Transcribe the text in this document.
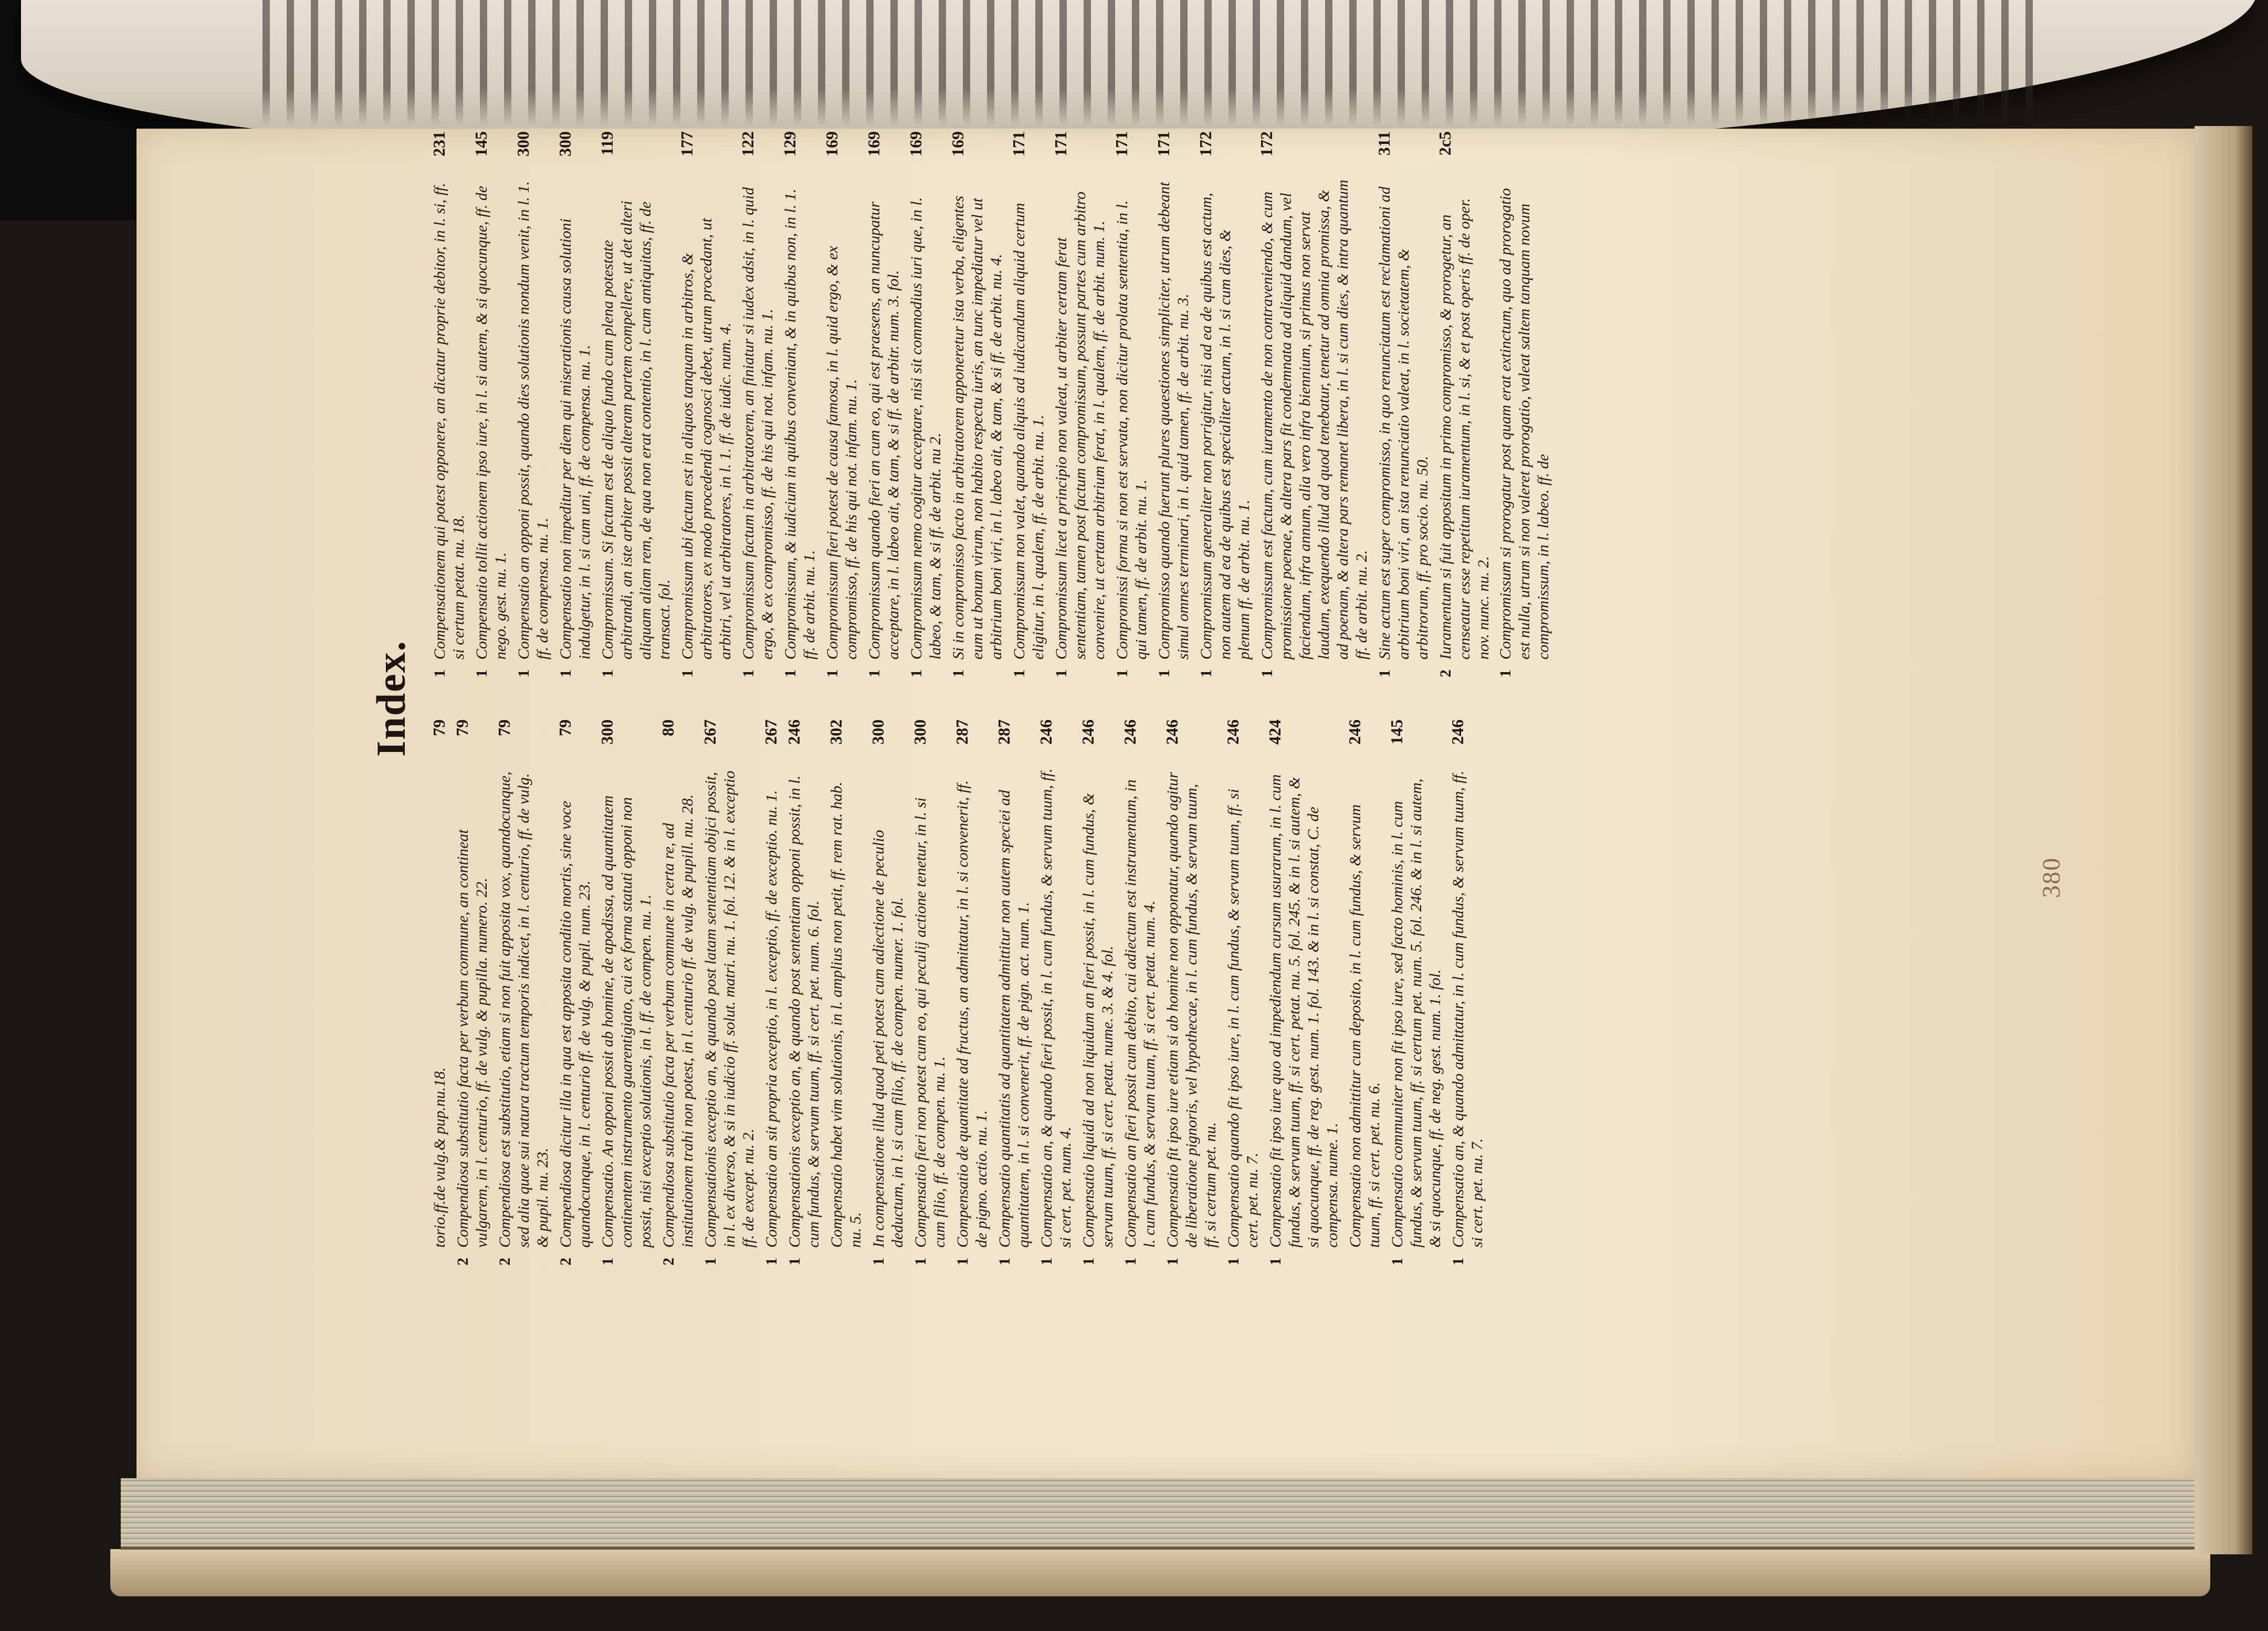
380
Index.
torio.ff.de vulg.& pup.nu.18.
79
2
Compendiosa substitutio facta per verbum commune, an contineat vulgarem, in l. centurio, ff. de vulg. & pupilla. numero. 22.
79
2
Compendiosa est substitutio, etiam si non fuit apposita vox, quandocunque, sed alia quae sui natura tractum temporis indicet, in l. centurio, ff. de vulg. & pupil. nu. 23.
79
2
Compendiosa dicitur illa in qua est apposita conditio mortis, sine voce quandocunque, in l. centurio ff. de vulg. & pupil. num. 23.
79
1
Compensatio. An opponi possit ab homine, de apodissa, ad quantitatem continentem instrumento guarentigiato, cui ex forma statuti opponi non possit, nisi exceptio solutionis, in l. ff. de compen. nu. 1.
300
2
Compendiosa substitutio facta per verbum commune in certa re, ad institutionem trahi non potest, in l. centurio ff. de vulg. & pupill. nu. 28.
80
1
Compensationis exceptio an, & quando post latam sententiam obijci possit, in l. ex diverso, & si in iudicio ff. solut. matri. nu. 1. fol. 12. & in l. exceptio ff. de except. nu. 2.
267
1
Compensatio an sit propria exceptio, in l. exceptio, ff. de exceptio. nu. 1.
267
1
Compensationis exceptio an, & quando post sententiam opponi possit, in l. cum fundus, & servum tuum, ff. si cert. pet. num. 6. fol.
246
Compensatio habet vim solutionis, in l. amplius non petit, ff. rem rat. hab. nu. 5.
302
1
In compensatione illud quod peti potest cum adiectione de peculio deductum, in l. si cum filio, ff. de compen. numer. 1. fol.
300
1
Compensatio fieri non potest cum eo, qui peculij actione tenetur, in l. si cum filio, ff. de compen. nu. 1.
300
1
Compensatio de quantitate ad fructus, an admittatur, in l. si convenerit, ff. de pigno. actio. nu. 1.
287
1
Compensatio quantitatis ad quantitatem admittitur non autem speciei ad quantitatem, in l. si convenerit, ff. de pign. act. num. 1.
287
1
Compensatio an, & quando fieri possit, in l. cum fundus, & servum tuum, ff. si cert. pet. num. 4.
246
1
Compensatio liquidi ad non liquidum an fieri possit, in l. cum fundus, & servum tuum, ff. si cert. petat. nume. 3. & 4. fol.
246
1
Compensatio an fieri possit cum debito, cui adiectum est instrumentum, in l. cum fundus, & servum tuum, ff. si cert. petat. num. 4.
246
1
Compensatio fit ipso iure etiam si ab homine non opponatur, quando agitur de liberatione pignoris, vel hypothecae, in l. cum fundus, & servum tuum, ff. si certum pet. nu.
246
1
Compensatio quando fit ipso iure, in l. cum fundus, & servum tuum, ff. si cert. pet. nu. 7.
246
1
Compensatio fit ipso iure quo ad impediendum cursum usurarum, in l. cum fundus, & servum tuum, ff. si cert. petat. nu. 5. fol. 245. & in l. si autem, & si quocunque, ff. de reg. gest. num. 1. fol. 143. & in l. si constat, C. de compensa. nume. 1.
424
Compensatio non admittitur cum deposito, in l. cum fundus, & servum tuum, ff. si cert. pet. nu. 6.
246
1
Compensatio communiter non fit ipso iure, sed facto hominis, in l. cum fundus, & servum tuum, ff. si certum pet. num. 5. fol. 246. & in l. si autem, & si quocunque, ff. de neg. gest. num. 1. fol.
145
1
Compensatio an, & quando admittatur, in l. cum fundus, & servum tuum, ff. si cert. pet. nu. 7.
246
1
Compensationem qui potest opponere, an dicatur proprie debitor, in l. si, ff. si certum petat. nu. 18.
231
1
Compensatio tollit actionem ipso iure, in l. si autem, & si quocunque, ff. de nego. gest. nu. 1.
145
1
Compensatio an opponi possit, quando dies solutionis nondum venit, in l. 1. ff. de compensa. nu. 1.
300
1
Compensatio non impeditur per diem qui miserationis causa solutioni indulgetur, in l. si cum uni, ff. de compensa. nu. 1.
300
1
Compromissum. Si factum est de aliquo fundo cum plena potestate arbitrandi, an iste arbiter possit alteram partem compellere, ut det alteri aliquam aliam rem, de qua non erat contentio, in l. cum antiquitas, ff. de transact. fol.
119
1
Compromissum ubi factum est in aliquos tanquam in arbitros, & arbitratores, ex modo procedendi cognosci debet, utrum procedant, ut arbitri, vel ut arbitratores, in l. 1. ff. de iudic. num. 4.
177
1
Compromissum factum in arbitratorem, an finiatur si iudex adsit, in l. quid ergo, & ex compromisso, ff. de his qui not. infam. nu. 1.
122
1
Compromissum, & iudicium in quibus conveniant, & in quibus non, in l. 1. ff. de arbit. nu. 1.
129
1
Compromissum fieri potest de causa famosa, in l. quid ergo, & ex compromisso, ff. de his qui not. infam. nu. 1.
169
1
Compromissum quando fieri an cum eo, qui est praesens, an nuncupatur acceptare, in l. labeo ait, & tam, & si ff. de arbitr. num. 3. fol.
169
1
Compromissum nemo cogitur acceptare, nisi sit commodius iuri que, in l. labeo, & tam, & si ff. de arbit. nu 2.
169
1
Si in compromisso facto in arbitratorem apponeretur ista verba, eligentes eum ut bonum virum, non habito respectu iuris, an tunc impediatur vel ut arbitrium boni viri, in l. labeo ait, & tam, & si ff. de arbit. nu. 4.
169
1
Compromissum non valet, quando aliquis ad iudicandum aliquid certum eligitur, in l. qualem, ff. de arbit. nu. 1.
171
1
Compromissum licet a principio non valeat, ut arbiter certam ferat sententiam, tamen post factum compromissum, possunt partes cum arbitro convenire, ut certam arbitrium ferat, in l. qualem, ff. de arbit. num. 1.
171
1
Compromissi forma si non est servata, non dicitur prolata sententia, in l. qui tamen, ff. de arbit. nu. 1.
171
1
Compromisso quando fuerunt plures quaestiones simpliciter, utrum debeant simul omnes terminari, in l. quid tamen, ff. de arbit. nu. 3.
171
1
Compromissum generaliter non porrigitur, nisi ad ea de quibus est actum, non autem ad ea de quibus est specialiter actum, in l. si cum dies, & plenum ff. de arbit. nu. 1.
172
1
Compromissum est factum, cum iuramento de non contraveniendo, & cum promissione poenae, & altera pars fit condemnata ad aliquid dandum, vel faciendum, infra annum, alia vero infra biennium, si primus non servat laudum, exequendo illud ad quod tenebatur, tenetur ad omnia promissa, & ad poenam, & altera pars remanet libera, in l. si cum dies, & intra quantum ff. de arbit. nu. 2.
172
1
Sine actum est super compromisso, in quo renunciatum est reclamationi ad arbitrium boni viri, an ista renunciatio valeat, in l. societatem, & arbitrorum, ff. pro socio. nu. 50.
311
2
Iuramentum si fuit appositum in primo compromisso, & prorogetur, an censeatur esse repetitum iuramentum, in l. si, & et post operis ff. de oper. nov. nunc. nu. 2.
2c5
1
Compromissum si prorogatur post quam erat extinctum, quo ad prorogatio est nulla, utrum si non valeret prorogatio, valeat saltem tanquam novum compromissum, in l. labeo. ff. de
